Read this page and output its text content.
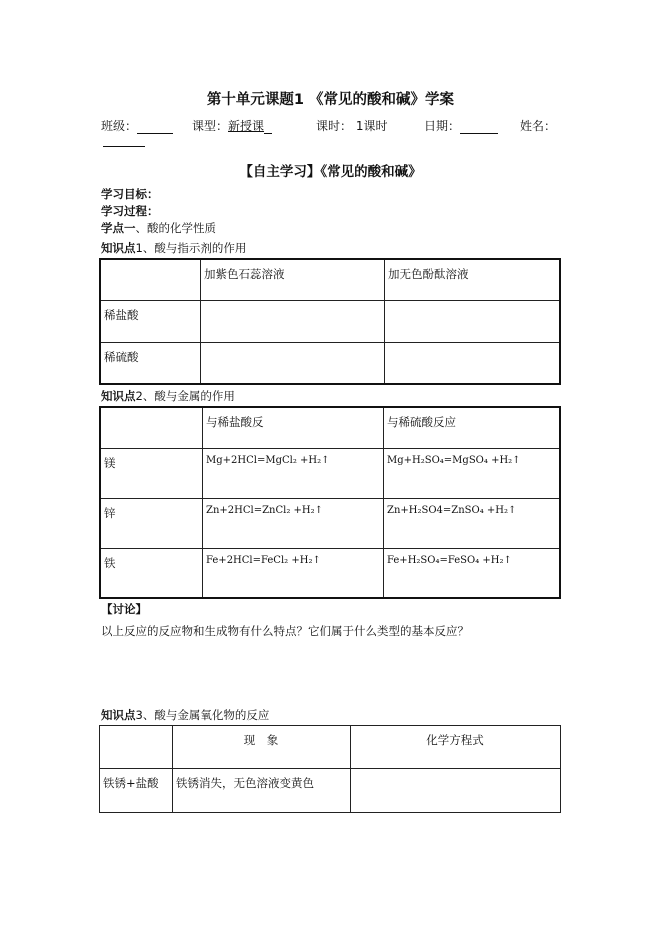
第十单元课题1 《常见的酸和碱》学案
班级：	课型：新授课	课时： 1课时	日期：	姓名：
【自主学习】《常见的酸和碱》
学习目标：
学习过程：
学点一、酸的化学性质
知识点1、酸与指示剂的作用
	加紫色石蕊溶液	加无色酚酞溶液
稀盐酸		
稀硫酸		
知识点2、酸与金属的作用
	与稀盐酸反	与稀硫酸反应
镁	Mg+2HCl=MgCl₂ +H₂↑	Mg+H₂SO₄=MgSO₄ +H₂↑
锌	Zn+2HCl=ZnCl₂ +H₂↑	Zn+H₂SO4=ZnSO₄ +H₂↑
铁	Fe+2HCl=FeCl₂ +H₂↑	Fe+H₂SO₄=FeSO₄ +H₂↑
【讨论】
以上反应的反应物和生成物有什么特点？它们属于什么类型的基本反应？
知识点3、酸与金属氧化物的反应
	现　象	化学方程式
铁锈+盐酸	铁锈消失，无色溶液变黄色	
